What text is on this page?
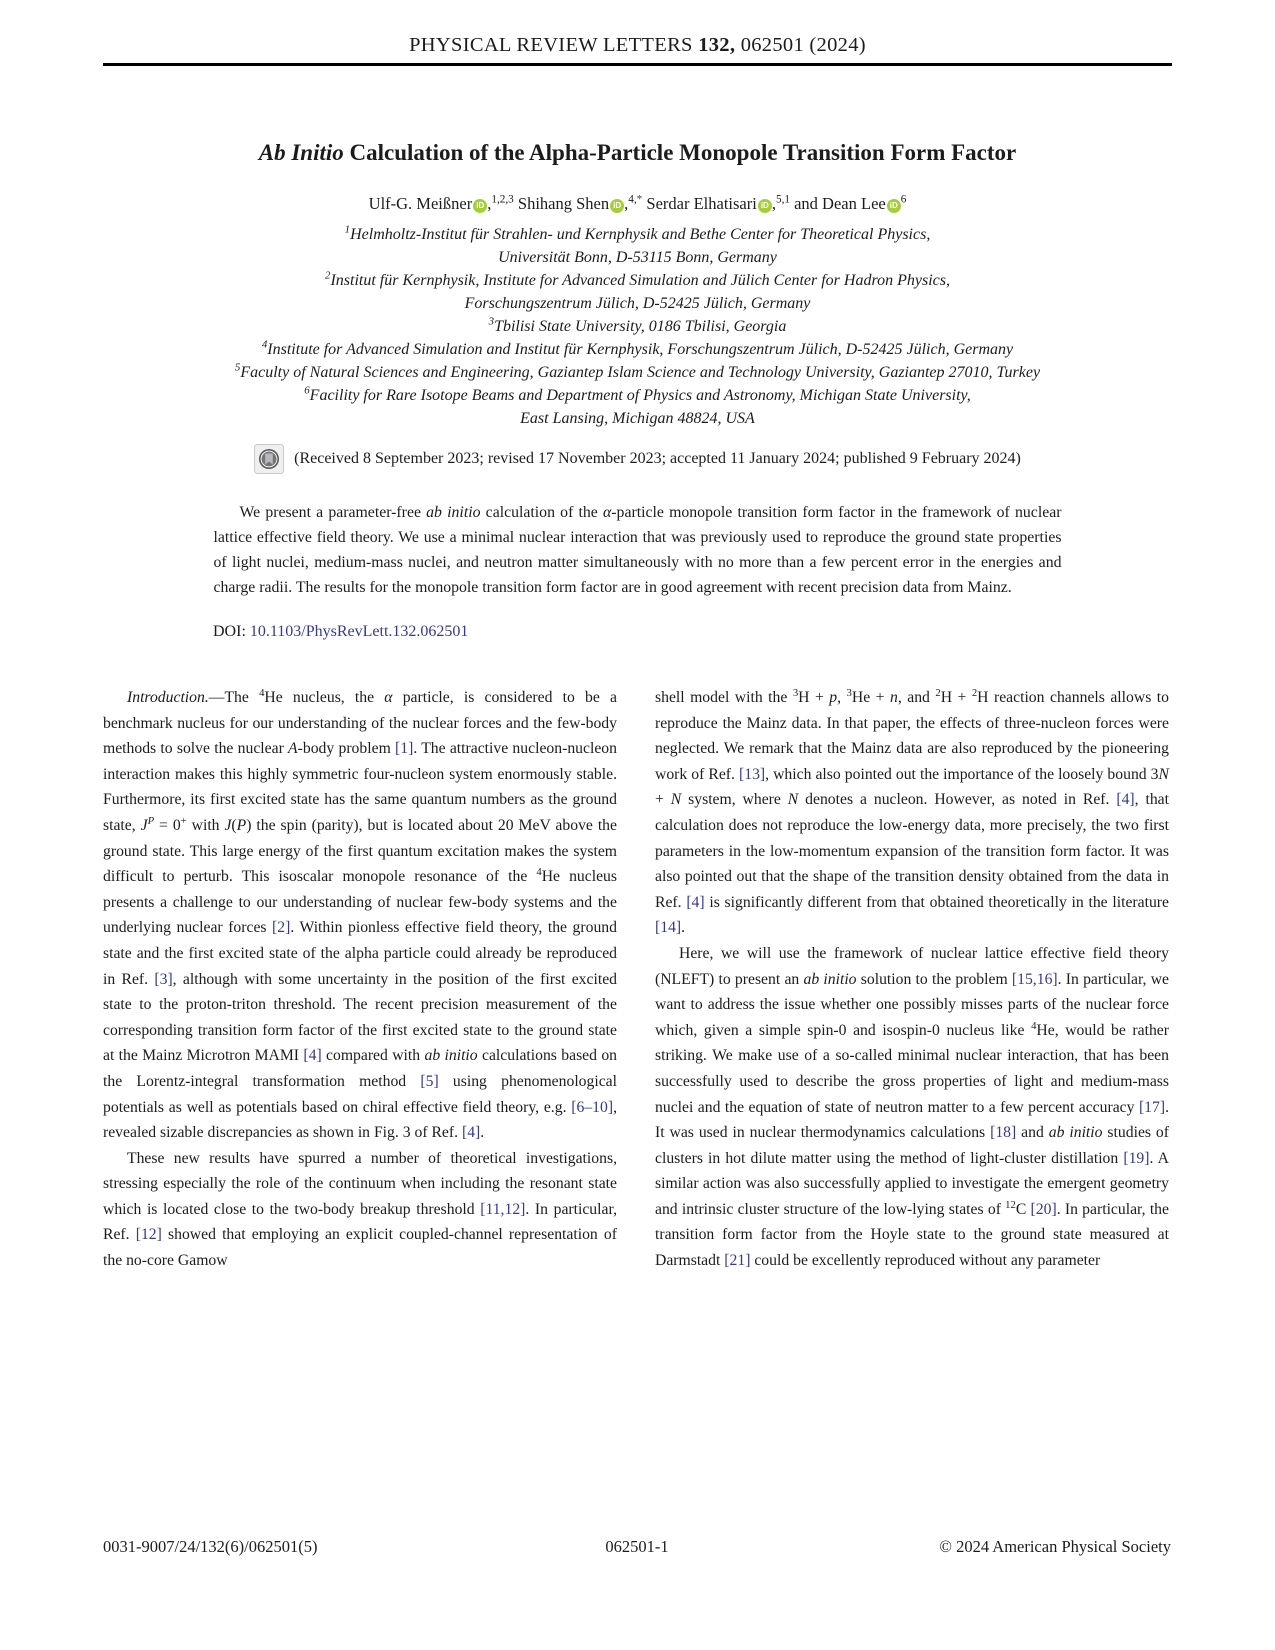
PHYSICAL REVIEW LETTERS 132, 062501 (2024)
Ab Initio Calculation of the Alpha-Particle Monopole Transition Form Factor
Ulf-G. Meißner iD ,$^{1,2,3}$ Shihang Shen iD ,$^{4,*}$ Serdar Elhatisari iD ,$^{5,1}$ and Dean Lee iD $^6$
$^1$Helmholtz-Institut für Strahlen- und Kernphysik and Bethe Center for Theoretical Physics,
Universität Bonn, D-53115 Bonn, Germany
$^2$Institut für Kernphysik, Institute for Advanced Simulation and Jülich Center for Hadron Physics,
Forschungszentrum Jülich, D-52425 Jülich, Germany
$^3$Tbilisi State University, 0186 Tbilisi, Georgia
$^4$Institute for Advanced Simulation and Institut für Kernphysik, Forschungszentrum Jülich, D-52425 Jülich, Germany
$^5$Faculty of Natural Sciences and Engineering, Gaziantep Islam Science and Technology University, Gaziantep 27010, Turkey
$^6$Facility for Rare Isotope Beams and Department of Physics and Astronomy, Michigan State University,
East Lansing, Michigan 48824, USA
(Received 8 September 2023; revised 17 November 2023; accepted 11 January 2024; published 9 February 2024)
We present a parameter-free ab initio calculation of the α-particle monopole transition form factor in the framework of nuclear lattice effective field theory. We use a minimal nuclear interaction that was previously used to reproduce the ground state properties of light nuclei, medium-mass nuclei, and neutron matter simultaneously with no more than a few percent error in the energies and charge radii. The results for the monopole transition form factor are in good agreement with recent precision data from Mainz.
DOI: 10.1103/PhysRevLett.132.062501

Introduction.—The $^4$He nucleus, the α particle, is considered to be a benchmark nucleus for our understanding of the nuclear forces and the few-body methods to solve the nuclear A-body problem [1]. The attractive nucleon-nucleon interaction makes this highly symmetric four-nucleon system enormously stable. Furthermore, its first excited state has the same quantum numbers as the ground state, $J^P = 0^+$ with J(P) the spin (parity), but is located about 20 MeV above the ground state. This large energy of the first quantum excitation makes the system difficult to perturb. This isoscalar monopole resonance of the $^4$He nucleus presents a challenge to our understanding of nuclear few-body systems and the underlying nuclear forces [2]. Within pionless effective field theory, the ground state and the first excited state of the alpha particle could already be reproduced in Ref. [3], although with some uncertainty in the position of the first excited state to the proton-triton threshold. The recent precision measurement of the corresponding transition form factor of the first excited state to the ground state at the Mainz Microtron MAMI [4] compared with ab initio calculations based on the Lorentz-integral transformation method [5] using phenomenological potentials as well as potentials based on chiral effective field theory, e.g. [6–10], revealed sizable discrepancies as shown in Fig. 3 of Ref. [4].

These new results have spurred a number of theoretical investigations, stressing especially the role of the continuum when including the resonant state which is located close to the two-body breakup threshold [11,12]. In particular, Ref. [12] showed that employing an explicit coupled-channel representation of the no-core Gamow

shell model with the $^3$H + p, $^3$He + n, and $^2$H + $^2$H reaction channels allows to reproduce the Mainz data. In that paper, the effects of three-nucleon forces were neglected. We remark that the Mainz data are also reproduced by the pioneering work of Ref. [13], which also pointed out the importance of the loosely bound 3N + N system, where N denotes a nucleon. However, as noted in Ref. [4], that calculation does not reproduce the low-energy data, more precisely, the two first parameters in the low-momentum expansion of the transition form factor. It was also pointed out that the shape of the transition density obtained from the data in Ref. [4] is significantly different from that obtained theoretically in the literature [14].

Here, we will use the framework of nuclear lattice effective field theory (NLEFT) to present an ab initio solution to the problem [15,16]. In particular, we want to address the issue whether one possibly misses parts of the nuclear force which, given a simple spin-0 and isospin-0 nucleus like $^4$He, would be rather striking. We make use of a so-called minimal nuclear interaction, that has been successfully used to describe the gross properties of light and medium-mass nuclei and the equation of state of neutron matter to a few percent accuracy [17]. It was used in nuclear thermodynamics calculations [18] and ab initio studies of clusters in hot dilute matter using the method of light-cluster distillation [19]. A similar action was also successfully applied to investigate the emergent geometry and intrinsic cluster structure of the low-lying states of $^{12}$C [20]. In particular, the transition form factor from the Hoyle state to the ground state measured at Darmstadt [21] could be excellently reproduced without any parameter

0031-9007/24/132(6)/062501(5)	062501-1	© 2024 American Physical Society
